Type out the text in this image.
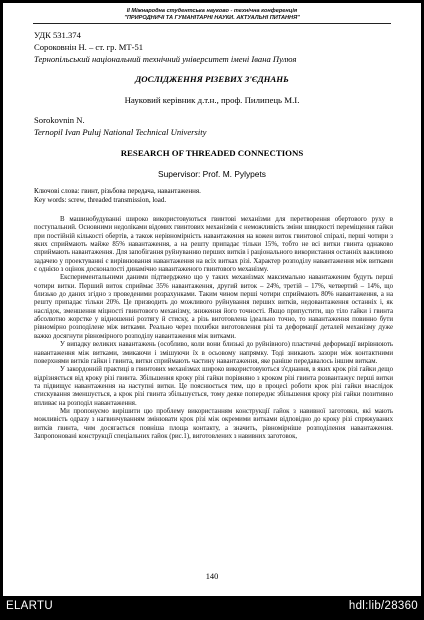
II Міжнародна студентська науково - технічна конференція
"ПРИРОДНИЧІ ТА ГУМАНІТАРНІ НАУКИ. АКТУАЛЬНІ ПИТАННЯ"
УДК 531.374
Сороковнін Н. – ст. гр. МТ-51
Тернопільський національний технічний університет імені Івана Пулюя
ДОСЛІДЖЕННЯ РІЗЕВИХ З'ЄДНАНЬ
Науковий керівник д.т.н., проф. Пилипець М.І.
Sorokovnin N.
Ternopil Ivan Puluj National Technical University
RESEARCH OF THREADED CONNECTIONS
Supervisor: Prof. M. Pylypets
Ключові слова: гвинт, різьбова передача, навантаження.
Key words: screw, threaded transmission, load.

В машинобудуванні широко використовуються гвинтові механізми для перетворення обертового руху в поступальний. Основними недоліками відомих гвинтових механізмів є неможливість зміни швидкості переміщення гайки при постійній кількості обертів, а також нерівномірність навантаження на кожен виток гвинтової спіралі, перші чотири з яких сприймають майже 85% навантаження, а на решту припадає тільки 15%, тобто не всі витки гвинта однаково сприймають навантаження. Для запобігання руйнуванню перших витків і раціонального використання останніх важливою задачею у проектуванні є вирівнювання навантаження на всіх витках різі. Характер розподілу навантаження між витками є однією з оцінок досконалості динамічно навантаженого гвинтового механізму.

Експериментальними даними підтверджено що у таких механізмах максимально навантаженим будуть перші чотири витки. Перший виток сприймає 35% навантаження, другий виток – 24%, третій – 17%, четвертий – 14%, що близько до даних згідно з проведеними розрахунками. Таким чином перші чотири сприймають 80% навантаження, а на решту припадає тільки 20%. Це призводить до можливого руйнування перших витків, недовантаження останніх і, як наслідок, зменшення міцності гвинтового механізму, зниження його точності. Якщо припустити, що тіло гайки і гвинта абсолютно жорстке у відношенні розтягу й стиску, а різь виготовлена ідеально точно, то навантаження повинно бути рівномірно розподілене між витками. Реально через похибки виготовлення різі та деформації деталей механізму дуже важко досягнути рівномірного розподілу навантаження між витками.

У випадку великих навантажень (особливо, коли вони близькі до руйнівного) пластичні деформації вирівнюють навантаження між витками, змикаючи і змішуючи їх в осьовому напрямку. Тоді зникають зазори між контактними поверхнями витків гайки і гвинта, витки сприймають частину навантаження, яке раніше передавалось іншим виткам.

У закордонній практиці в гвинтових механізмах широко використовуються з'єднання, в яких крок різі гайки дещо відрізняється від кроку різі гвинта. Збільшення кроку різі гайки порівняно з кроком різі гвинта розвантажує перші витки та підвищує навантаження на наступні витки. Це пояснюється тим, що в процесі роботи крок різі гайки внаслідок стискування зменшується, а крок різі гвинта збільшується, тому деяке попереднє збільшення кроку різі гайки позитивно впливає на розподіл навантаження.

Ми пропонуємо вирішити цю проблему використанням конструкції гайок з навивної заготовки, які мають можливість одразу з нагвинчуванням змінювати крок різі між окремими витками відповідно до кроку різі спряжуваних витків гвинта, чим досягається повніша площа контакту, а значить, рівномірніше розподілення навантаження. Запропоновані конструкції спеціальних гайок (рис.1), виготовлених з навивних заготовок,

140
ELARTU	hdl:lib/28360
